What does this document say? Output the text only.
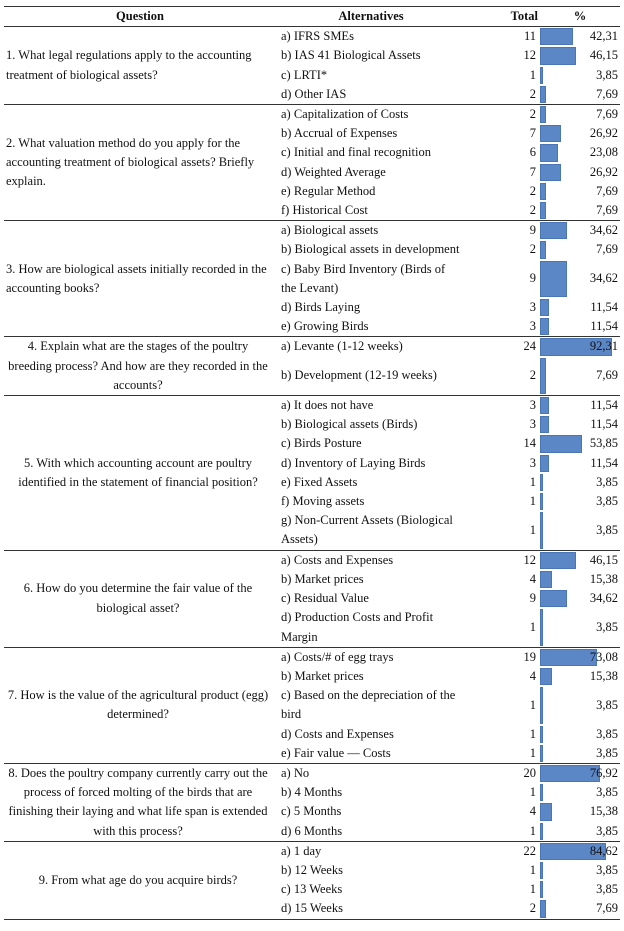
Question	Alternatives	Total	%
1. What legal regulations apply to the accounting treatment of biological assets?	a) IFRS SMEs	11	42,31
	b) IAS 41 Biological Assets	12	46,15
	c) LRTI*	1	3,85
	d) Other IAS	2	7,69
2. What valuation method do you apply for the accounting treatment of biological assets? Briefly explain.	a) Capitalization of Costs	2	7,69
	b) Accrual of Expenses	7	26,92
	c) Initial and final recognition	6	23,08
	d) Weighted Average	7	26,92
	e) Regular Method	2	7,69
	f) Historical Cost	2	7,69
3. How are biological assets initially recorded in the accounting books?	a) Biological assets	9	34,62
	b) Biological assets in development	2	7,69
	c) Baby Bird Inventory (Birds of the Levant)	9	34,62
	d) Birds Laying	3	11,54
	e) Growing Birds	3	11,54
4. Explain what are the stages of the poultry breeding process? And how are they recorded in the accounts?	a) Levante (1-12 weeks)	24	92,31
	b) Development (12-19 weeks)	2	7,69
5. With which accounting account are poultry identified in the statement of financial position?	a) It does not have	3	11,54
	b) Biological assets (Birds)	3	11,54
	c) Birds Posture	14	53,85
	d) Inventory of Laying Birds	3	11,54
	e) Fixed Assets	1	3,85
	f) Moving assets	1	3,85
	g) Non-Current Assets (Biological Assets)	1	3,85
6. How do you determine the fair value of the biological asset?	a) Costs and Expenses	12	46,15
	b) Market prices	4	15,38
	c) Residual Value	9	34,62
	d) Production Costs and Profit Margin	1	3,85
7. How is the value of the agricultural product (egg) determined?	a) Costs/# of egg trays	19	73,08
	b) Market prices	4	15,38
	c) Based on the depreciation of the bird	1	3,85
	d) Costs and Expenses	1	3,85
	e) Fair value — Costs	1	3,85
8. Does the poultry company currently carry out the process of forced molting of the birds that are finishing their laying and what life span is extended with this process?	a) No	20	76,92
	b) 4 Months	1	3,85
	c) 5 Months	4	15,38
	d) 6 Months	1	3,85
9. From what age do you acquire birds?	a) 1 day	22	84,62
	b) 12 Weeks	1	3,85
	c) 13 Weeks	1	3,85
	d) 15 Weeks	2	7,69
